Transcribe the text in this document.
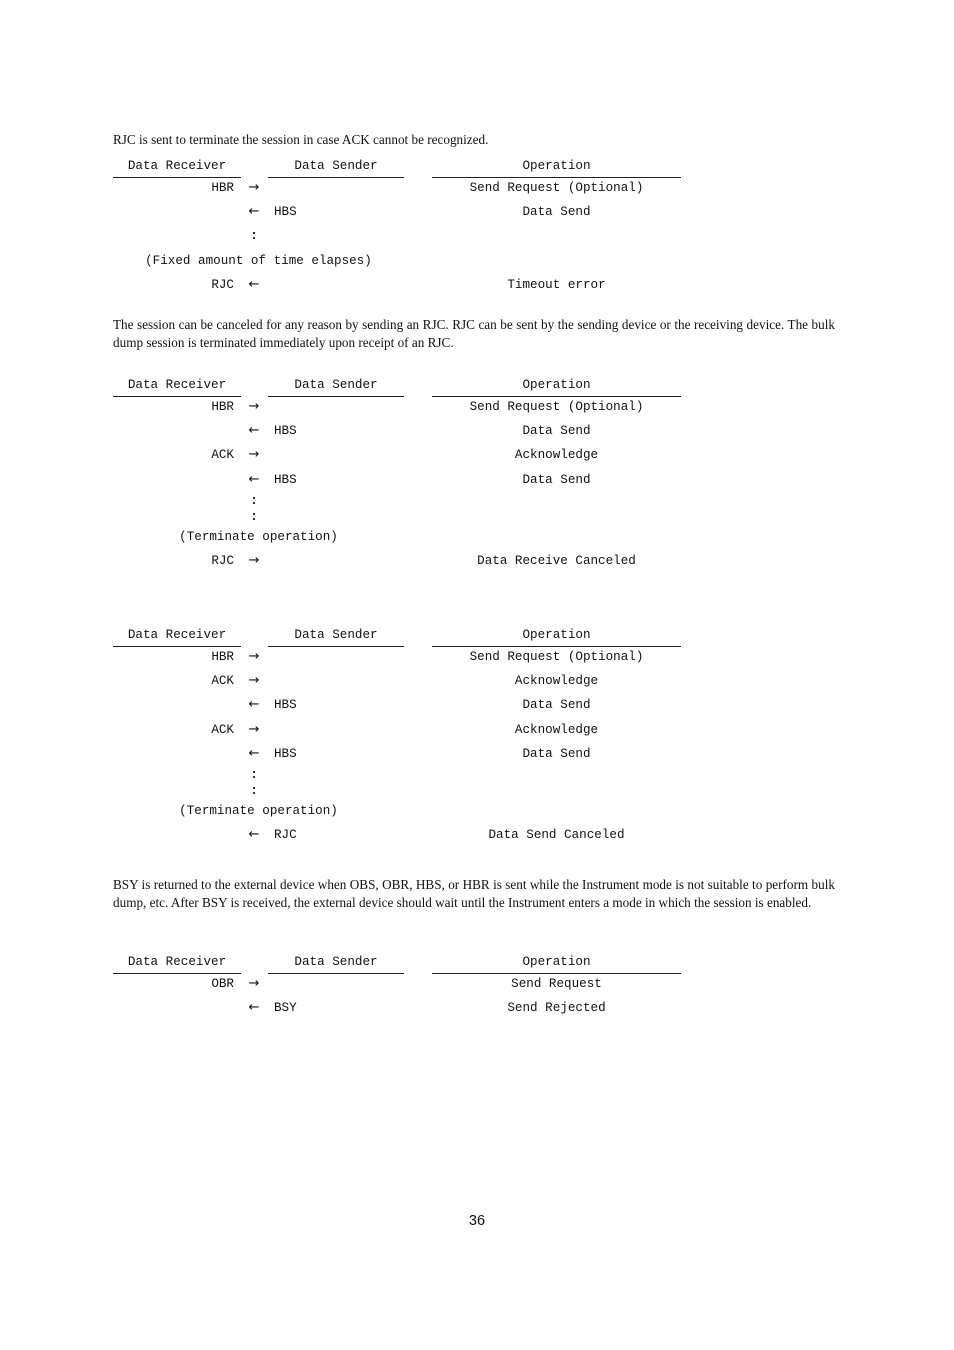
RJC is sent to terminate the session in case ACK cannot be recognized.

Data Receiver	Data Sender	Operation
HBR →	Send Request (Optional)
← HBS	Data Send
:
(Fixed amount of time elapses)
RJC ←	Timeout error

The session can be canceled for any reason by sending an RJC. RJC can be sent by the sending device or the receiving device. The bulk dump session is terminated immediately upon receipt of an RJC.

Data Receiver	Data Sender	Operation
HBR →	Send Request (Optional)
← HBS	Data Send
ACK →	Acknowledge
← HBS	Data Send
:
:
(Terminate operation)
RJC →	Data Receive Canceled
Data Receiver	Data Sender	Operation
HBR →	Send Request (Optional)
ACK →	Acknowledge
← HBS	Data Send
ACK →	Acknowledge
← HBS	Data Send
:
:
(Terminate operation)
← RJC	Data Send Canceled

BSY is returned to the external device when OBS, OBR, HBS, or HBR is sent while the Instrument mode is not suitable to perform bulk dump, etc. After BSY is received, the external device should wait until the Instrument enters a mode in which the session is enabled.

Data Receiver	Data Sender	Operation
OBR →	Send Request
← BSY	Send Rejected
36
